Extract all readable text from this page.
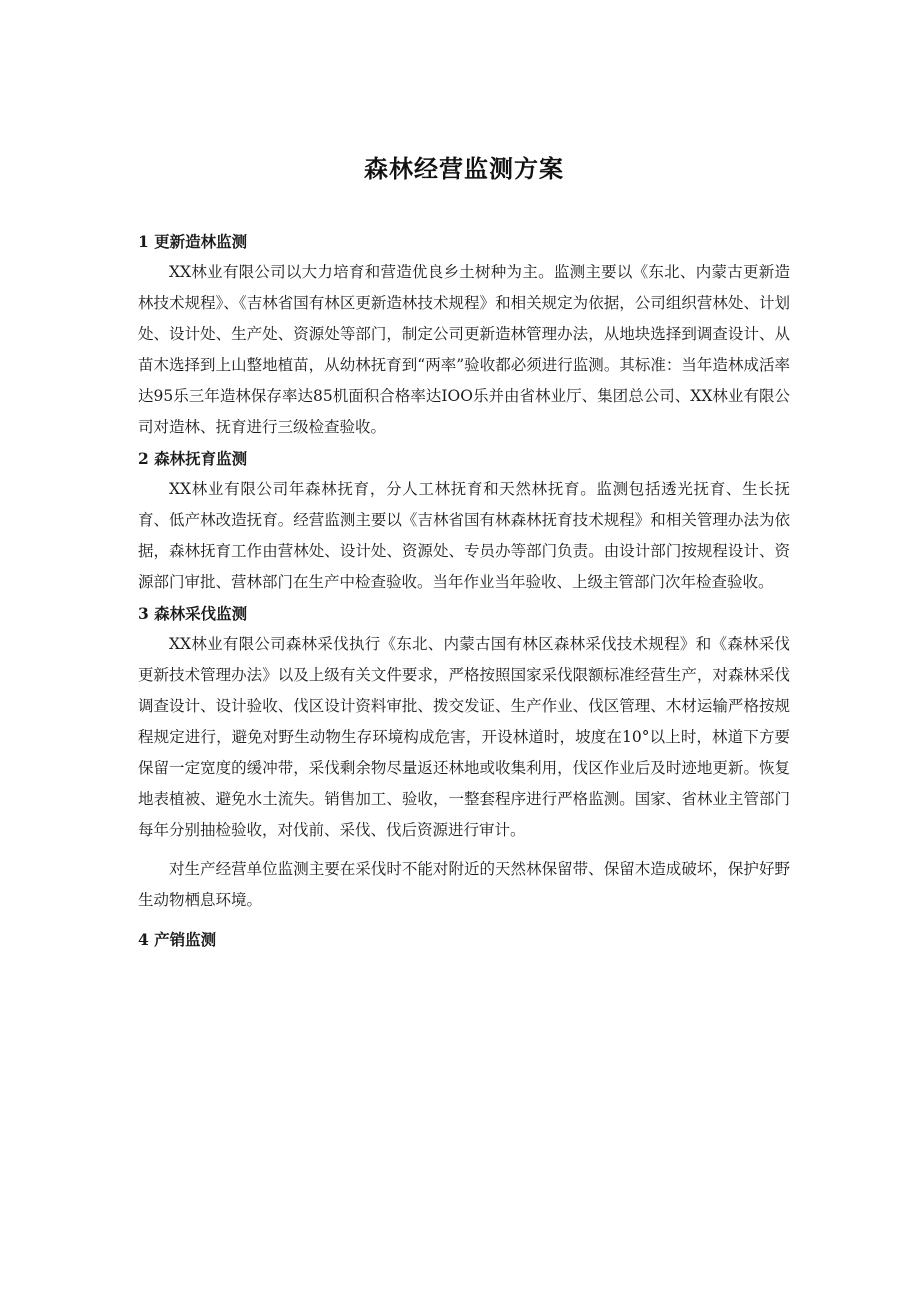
森林经营监测方案
1 更新造林监测

XX林业有限公司以大力培育和营造优良乡土树种为主。监测主要以《东北、内蒙古更新造林技术规程》、《吉林省国有林区更新造林技术规程》和相关规定为依据，公司组织营林处、计划处、设计处、生产处、资源处等部门，制定公司更新造林管理办法，从地块选择到调查设计、从苗木选择到上山整地植苗，从幼林抚育到“两率”验收都必须进行监测。其标准：当年造林成活率达95乐三年造林保存率达85机面积合格率达IOO乐并由省林业厅、集团总公司、XX林业有限公司对造林、抚育进行三级检查验收。

2 森林抚育监测

XX林业有限公司年森林抚育，分人工林抚育和天然林抚育。监测包括透光抚育、生长抚育、低产林改造抚育。经营监测主要以《吉林省国有林森林抚育技术规程》和相关管理办法为依据，森林抚育工作由营林处、设计处、资源处、专员办等部门负责。由设计部门按规程设计、资源部门审批、营林部门在生产中检查验收。当年作业当年验收、上级主管部门次年检查验收。

3 森林采伐监测

XX林业有限公司森林采伐执行《东北、内蒙古国有林区森林采伐技术规程》和《森林采伐更新技术管理办法》以及上级有关文件要求，严格按照国家采伐限额标准经营生产，对森林采伐调查设计、设计验收、伐区设计资料审批、拨交发证、生产作业、伐区管理、木材运输严格按规程规定进行，避免对野生动物生存环境构成危害，开设林道时，坡度在10°以上时，林道下方要保留一定宽度的缓冲带，采伐剩余物尽量返还林地或收集利用，伐区作业后及时迹地更新。恢复地表植被、避免水土流失。销售加工、验收，一整套程序进行严格监测。国家、省林业主管部门每年分别抽检验收，对伐前、采伐、伐后资源进行审计。

对生产经营单位监测主要在采伐时不能对附近的天然林保留带、保留木造成破坏，保护好野生动物栖息环境。

4 产销监测
